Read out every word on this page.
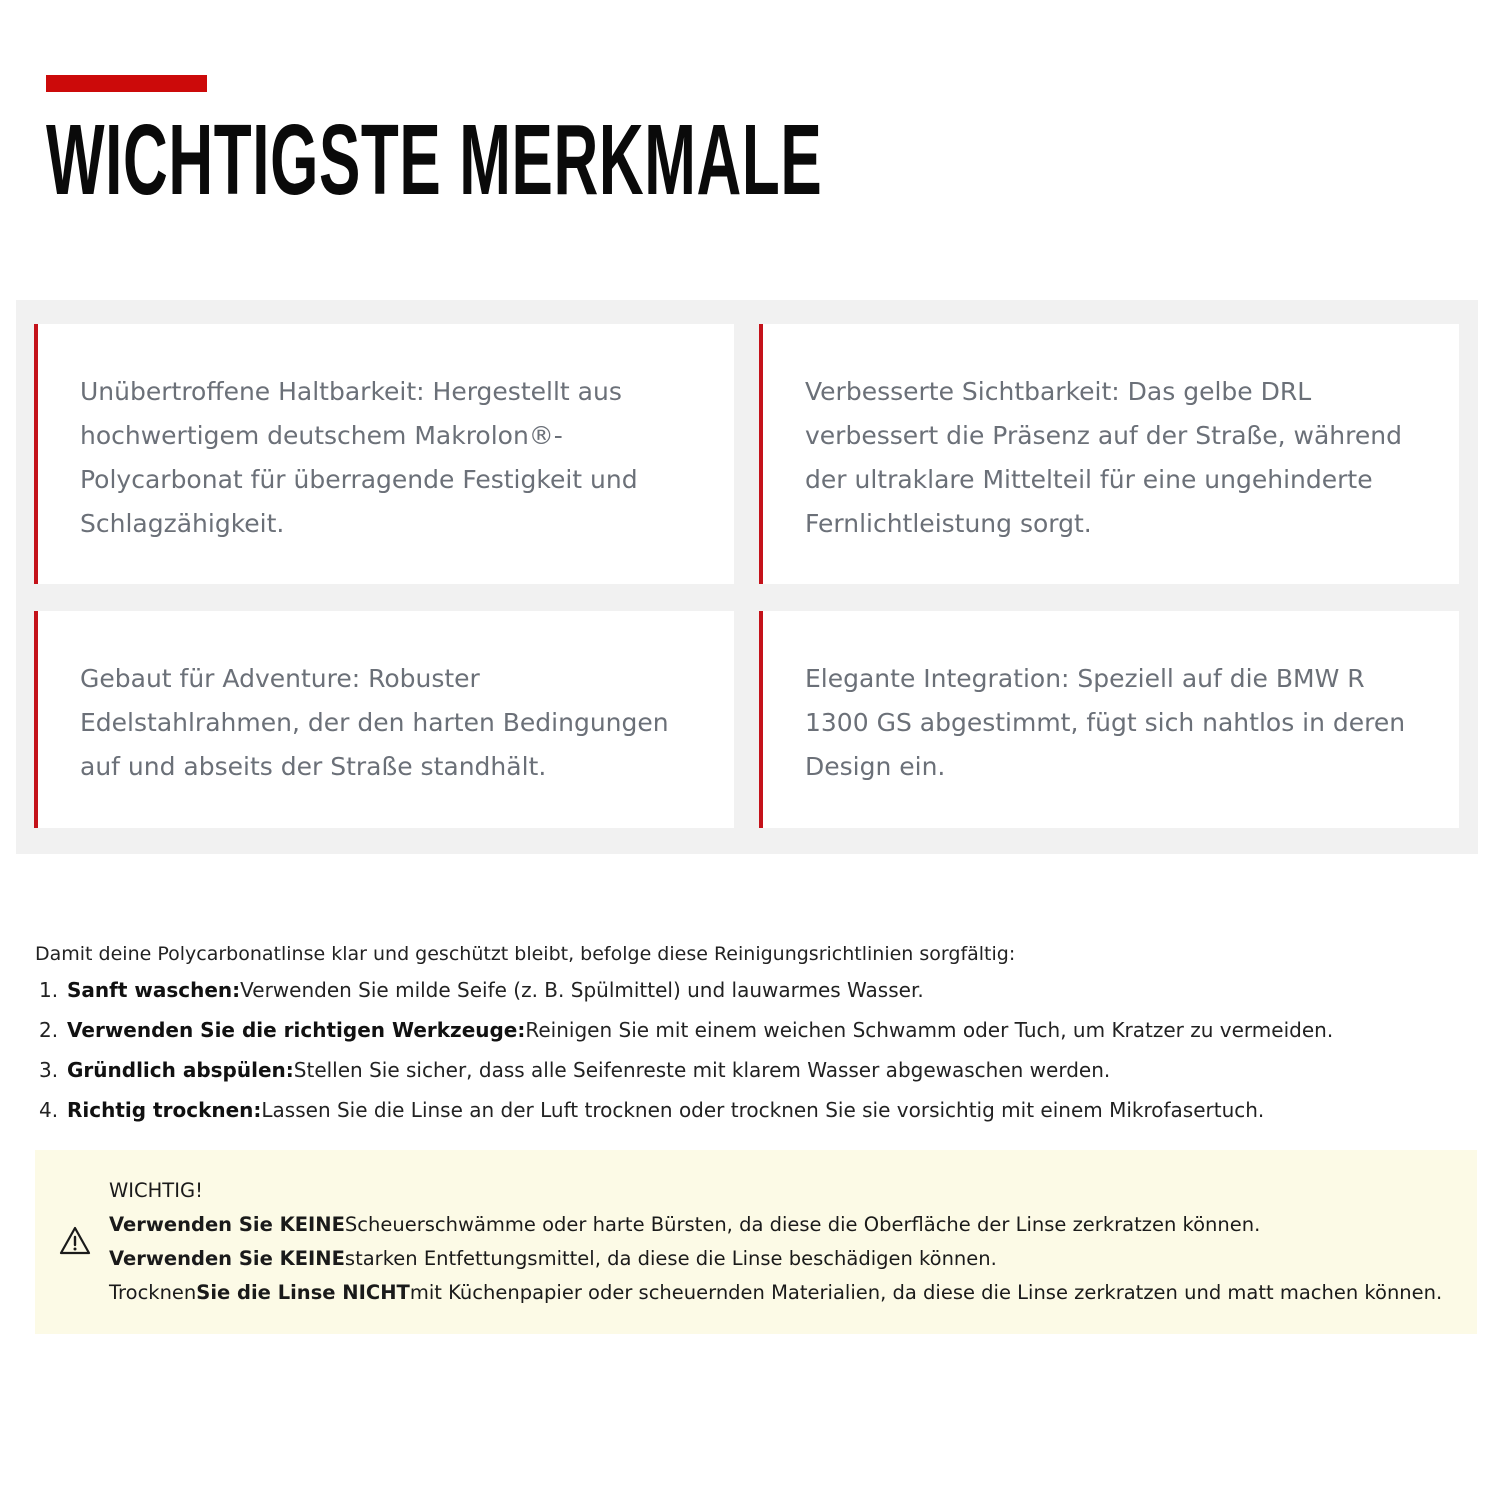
WICHTIGSTE MERKMALE

Unübertroffene Haltbarkeit: Hergestellt aus hochwertigem deutschem Makrolon®-Polycarbonat für überragende Festigkeit und Schlagzähigkeit.

Verbesserte Sichtbarkeit: Das gelbe DRL verbessert die Präsenz auf der Straße, während der ultraklare Mittelteil für eine ungehinderte Fernlichtleistung sorgt.

Gebaut für Adventure: Robuster Edelstahlrahmen, der den harten Bedingungen auf und abseits der Straße standhält.

Elegante Integration: Speziell auf die BMW R 1300 GS abgestimmt, fügt sich nahtlos in deren Design ein.

Damit deine Polycarbonatlinse klar und geschützt bleibt, befolge diese Reinigungsrichtlinien sorgfältig:

1. Sanft waschen:Verwenden Sie milde Seife (z. B. Spülmittel) und lauwarmes Wasser.
2. Verwenden Sie die richtigen Werkzeuge:Reinigen Sie mit einem weichen Schwamm oder Tuch, um Kratzer zu vermeiden.
3. Gründlich abspülen:Stellen Sie sicher, dass alle Seifenreste mit klarem Wasser abgewaschen werden.
4. Richtig trocknen:Lassen Sie die Linse an der Luft trocknen oder trocknen Sie sie vorsichtig mit einem Mikrofasertuch.
WICHTIG!
Verwenden Sie KEINEScheuerschwämme oder harte Bürsten, da diese die Oberfläche der Linse zerkratzen können.
Verwenden Sie KEINEstarken Entfettungsmittel, da diese die Linse beschädigen können.
TrocknenSie die Linse NICHTmit Küchenpapier oder scheuernden Materialien, da diese die Linse zerkratzen und matt machen können.
